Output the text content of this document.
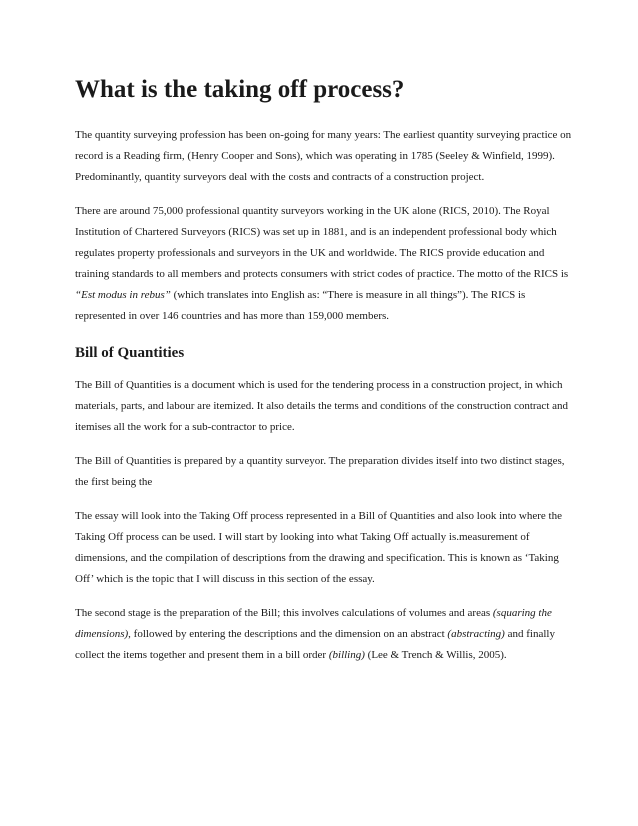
What is the taking off process?

The quantity surveying profession has been on-going for many years: The earliest quantity surveying practice on record is a Reading firm, (Henry Cooper and Sons), which was operating in 1785 (Seeley & Winfield, 1999). Predominantly, quantity surveyors deal with the costs and contracts of a construction project.

There are around 75,000 professional quantity surveyors working in the UK alone (RICS, 2010). The Royal Institution of Chartered Surveyors (RICS) was set up in 1881, and is an independent professional body which regulates property professionals and surveyors in the UK and worldwide. The RICS provide education and training standards to all members and protects consumers with strict codes of practice. The motto of the RICS is “Est modus in rebus” (which translates into English as: “There is measure in all things”). The RICS is represented in over 146 countries and has more than 159,000 members.

Bill of Quantities

The Bill of Quantities is a document which is used for the tendering process in a construction project, in which materials, parts, and labour are itemized. It also details the terms and conditions of the construction contract and itemises all the work for a sub-contractor to price.

The Bill of Quantities is prepared by a quantity surveyor. The preparation divides itself into two distinct stages, the first being the

The essay will look into the Taking Off process represented in a Bill of Quantities and also look into where the Taking Off process can be used. I will start by looking into what Taking Off actually is.measurement of dimensions, and the compilation of descriptions from the drawing and specification. This is known as ‘Taking Off’ which is the topic that I will discuss in this section of the essay.

The second stage is the preparation of the Bill; this involves calculations of volumes and areas (squaring the dimensions), followed by entering the descriptions and the dimension on an abstract (abstracting) and finally collect the items together and present them in a bill order (billing) (Lee & Trench & Willis, 2005).
